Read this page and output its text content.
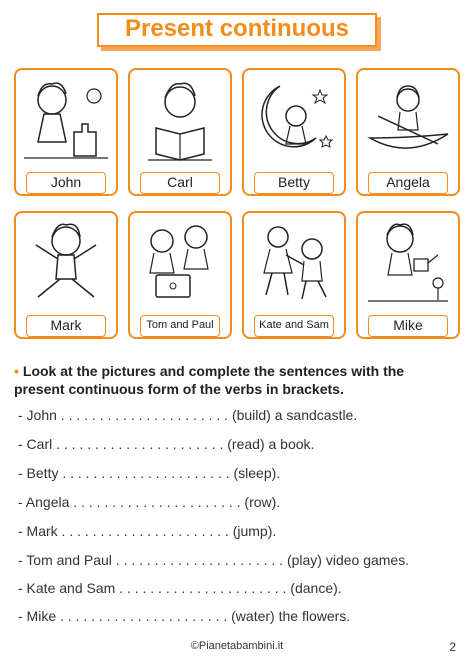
Present continuous
John	Carl	Betty	Angela
Mark	Tom and Paul	Kate and Sam	Mike
• Look at the pictures and complete the sentences with the present continuous form of the verbs in brackets.
- John . . . . . . . . . . . . . . . . . . . . . . (build) a sandcastle.
- Carl . . . . . . . . . . . . . . . . . . . . . . (read) a book.
- Betty . . . . . . . . . . . . . . . . . . . . . . (sleep).
- Angela . . . . . . . . . . . . . . . . . . . . . . (row).
- Mark . . . . . . . . . . . . . . . . . . . . . . (jump).
- Tom and Paul . . . . . . . . . . . . . . . . . . . . . . (play) video games.
- Kate and Sam . . . . . . . . . . . . . . . . . . . . . . (dance).
- Mike . . . . . . . . . . . . . . . . . . . . . . (water) the flowers.
©Pianetabambini.it	2
